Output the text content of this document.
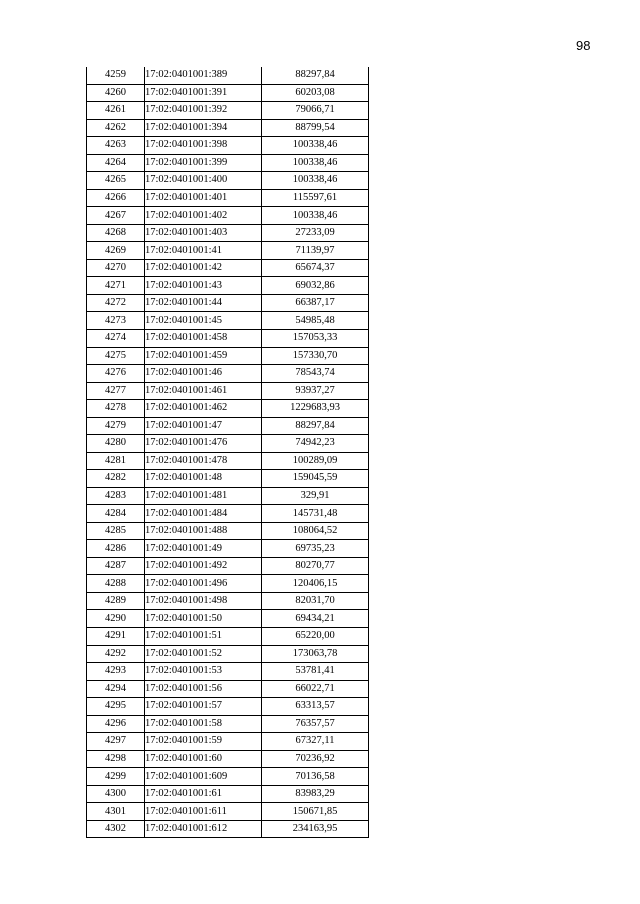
98
4259	17:02:0401001:389	88297,84
4260	17:02:0401001:391	60203,08
4261	17:02:0401001:392	79066,71
4262	17:02:0401001:394	88799,54
4263	17:02:0401001:398	100338,46
4264	17:02:0401001:399	100338,46
4265	17:02:0401001:400	100338,46
4266	17:02:0401001:401	115597,61
4267	17:02:0401001:402	100338,46
4268	17:02:0401001:403	27233,09
4269	17:02:0401001:41	71139,97
4270	17:02:0401001:42	65674,37
4271	17:02:0401001:43	69032,86
4272	17:02:0401001:44	66387,17
4273	17:02:0401001:45	54985,48
4274	17:02:0401001:458	157053,33
4275	17:02:0401001:459	157330,70
4276	17:02:0401001:46	78543,74
4277	17:02:0401001:461	93937,27
4278	17:02:0401001:462	1229683,93
4279	17:02:0401001:47	88297,84
4280	17:02:0401001:476	74942,23
4281	17:02:0401001:478	100289,09
4282	17:02:0401001:48	159045,59
4283	17:02:0401001:481	329,91
4284	17:02:0401001:484	145731,48
4285	17:02:0401001:488	108064,52
4286	17:02:0401001:49	69735,23
4287	17:02:0401001:492	80270,77
4288	17:02:0401001:496	120406,15
4289	17:02:0401001:498	82031,70
4290	17:02:0401001:50	69434,21
4291	17:02:0401001:51	65220,00
4292	17:02:0401001:52	173063,78
4293	17:02:0401001:53	53781,41
4294	17:02:0401001:56	66022,71
4295	17:02:0401001:57	63313,57
4296	17:02:0401001:58	76357,57
4297	17:02:0401001:59	67327,11
4298	17:02:0401001:60	70236,92
4299	17:02:0401001:609	70136,58
4300	17:02:0401001:61	83983,29
4301	17:02:0401001:611	150671,85
4302	17:02:0401001:612	234163,95
